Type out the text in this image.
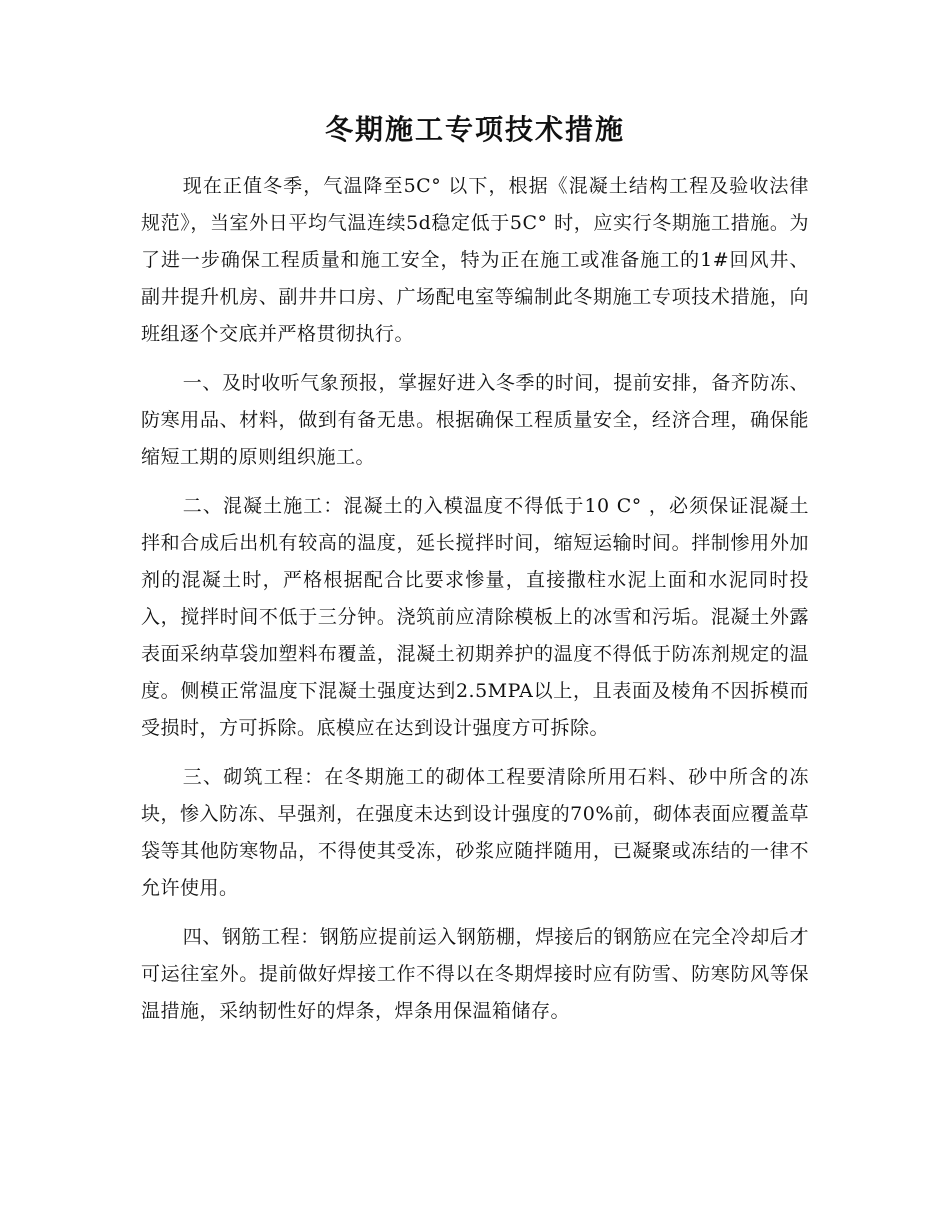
冬期施工专项技术措施

现在正值冬季，气温降至5C° 以下，根据《混凝土结构工程及验收法律规范》，当室外日平均气温连续5d稳定低于5C° 时，应实行冬期施工措施。为了进一步确保工程质量和施工安全，特为正在施工或准备施工的1#回风井、副井提升机房、副井井口房、广场配电室等编制此冬期施工专项技术措施，向班组逐个交底并严格贯彻执行。

一、及时收听气象预报，掌握好进入冬季的时间，提前安排，备齐防冻、防寒用品、材料，做到有备无患。根据确保工程质量安全，经济合理，确保能缩短工期的原则组织施工。

二、混凝土施工：混凝土的入模温度不得低于10 C° ，必须保证混凝土拌和合成后出机有较高的温度，延长搅拌时间，缩短运输时间。拌制惨用外加剂的混凝土时，严格根据配合比要求惨量，直接撒柱水泥上面和水泥同时投入，搅拌时间不低于三分钟。浇筑前应清除模板上的冰雪和污垢。混凝土外露表面采纳草袋加塑料布覆盖，混凝土初期养护的温度不得低于防冻剂规定的温度。侧模正常温度下混凝土强度达到2.5MPA以上，且表面及棱角不因拆模而受损时，方可拆除。底模应在达到设计强度方可拆除。

三、砌筑工程：在冬期施工的砌体工程要清除所用石料、砂中所含的冻块，惨入防冻、早强剂，在强度未达到设计强度的70%前，砌体表面应覆盖草袋等其他防寒物品，不得使其受冻，砂浆应随拌随用，已凝聚或冻结的一律不允许使用。

四、钢筋工程：钢筋应提前运入钢筋棚，焊接后的钢筋应在完全冷却后才可运往室外。提前做好焊接工作不得以在冬期焊接时应有防雪、防寒防风等保温措施，采纳韧性好的焊条，焊条用保温箱储存。
